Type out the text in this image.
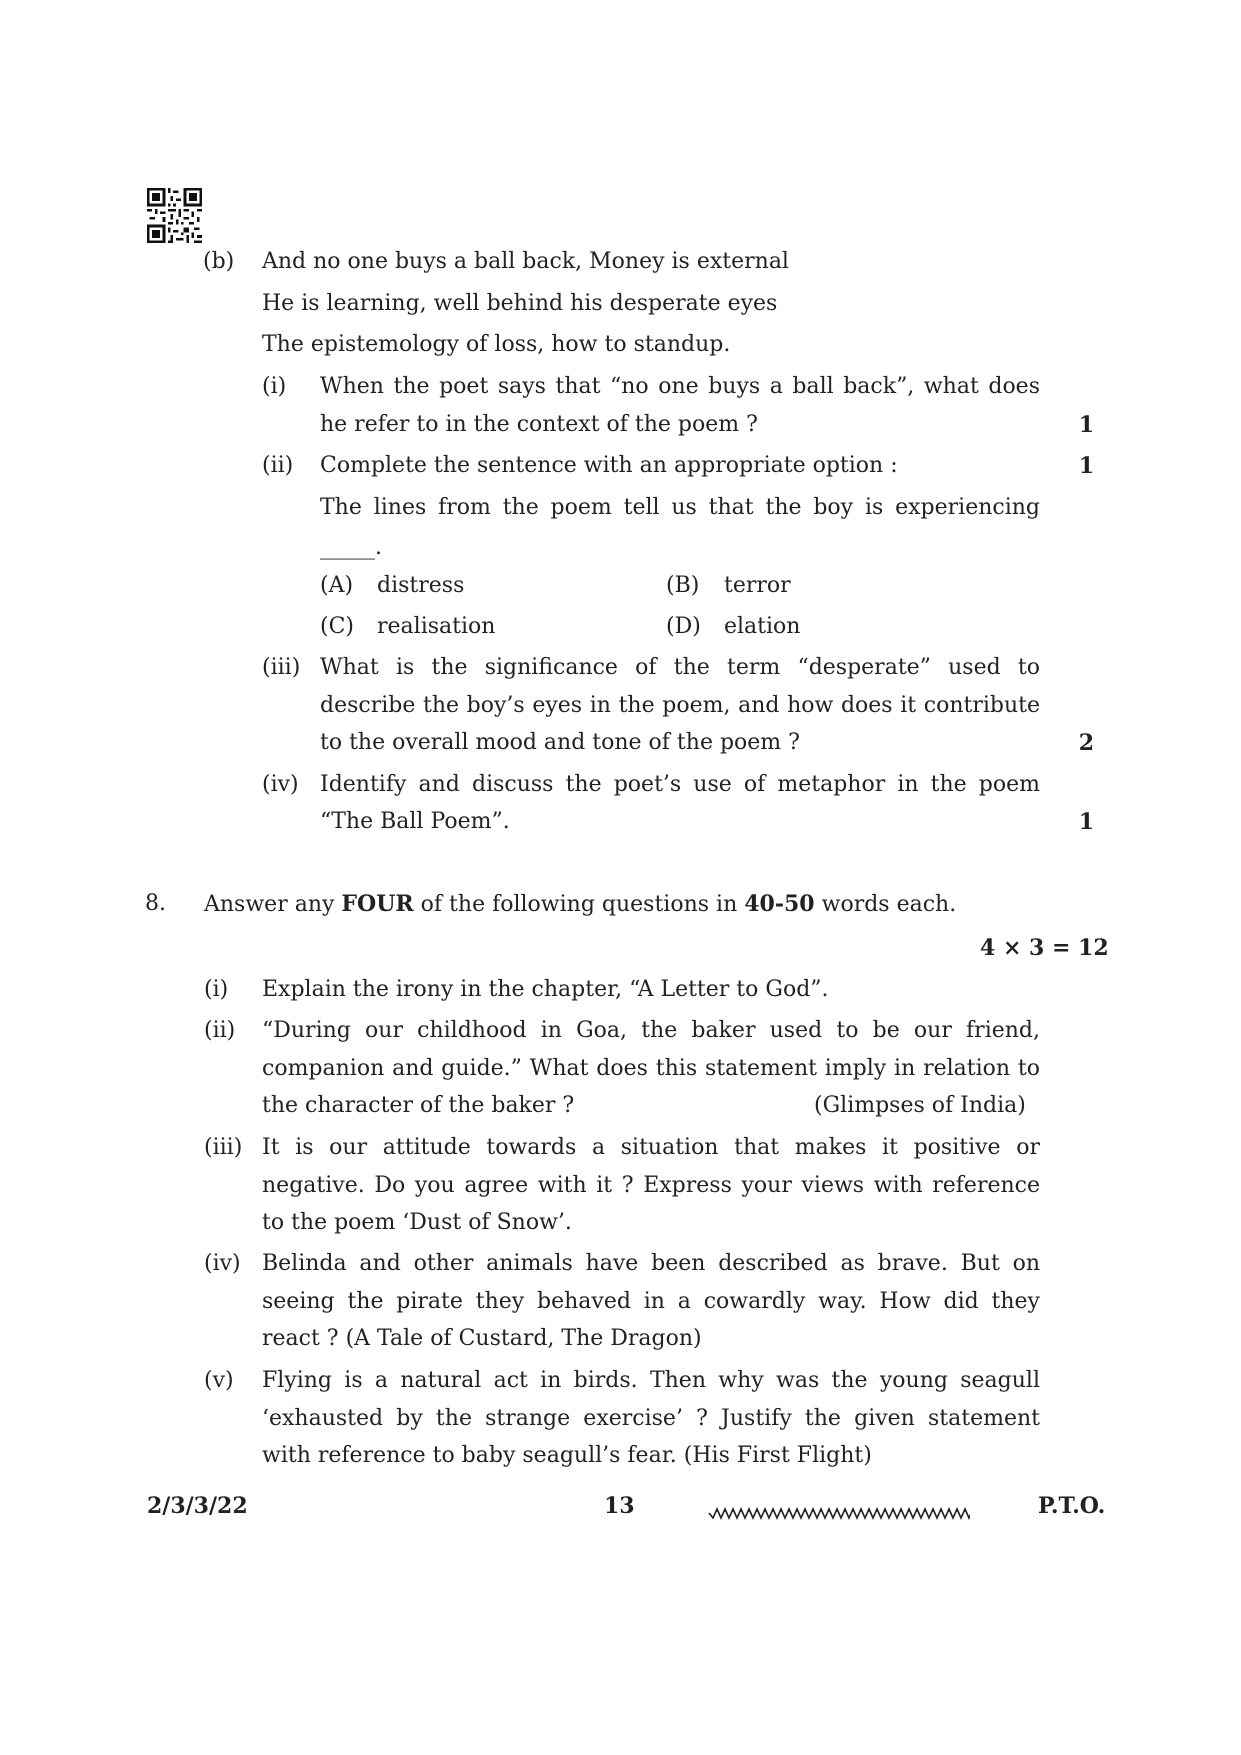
(b) And no one buys a ball back, Money is external
He is learning, well behind his desperate eyes
The epistemology of loss, how to standup.
(i) When the poet says that “no one buys a ball back”, what does
he refer to in the context of the poem ?	1
(ii) Complete the sentence with an appropriate option :	1
The lines from the poem tell us that the boy is experiencing
_____.
(A) distress	(B) terror
(C) realisation	(D) elation
(iii) What is the significance of the term “desperate” used to
describe the boy’s eyes in the poem, and how does it contribute
to the overall mood and tone of the poem ?	2
(iv) Identify and discuss the poet’s use of metaphor in the poem
“The Ball Poem”.	1
8. Answer any FOUR of the following questions in 40-50 words each.
4 × 3 = 12
(i) Explain the irony in the chapter, “A Letter to God”.
(ii) “During our childhood in Goa, the baker used to be our friend,
companion and guide.” What does this statement imply in relation to
the character of the baker ?	(Glimpses of India)
(iii) It is our attitude towards a situation that makes it positive or
negative. Do you agree with it ? Express your views with reference
to the poem ‘Dust of Snow’.
(iv) Belinda and other animals have been described as brave. But on
seeing the pirate they behaved in a cowardly way. How did they
react ? (A Tale of Custard, The Dragon)
(v) Flying is a natural act in birds. Then why was the young seagull
‘exhausted by the strange exercise’ ? Justify the given statement
with reference to baby seagull’s fear. (His First Flight)
2/3/3/22	13	P.T.O.
